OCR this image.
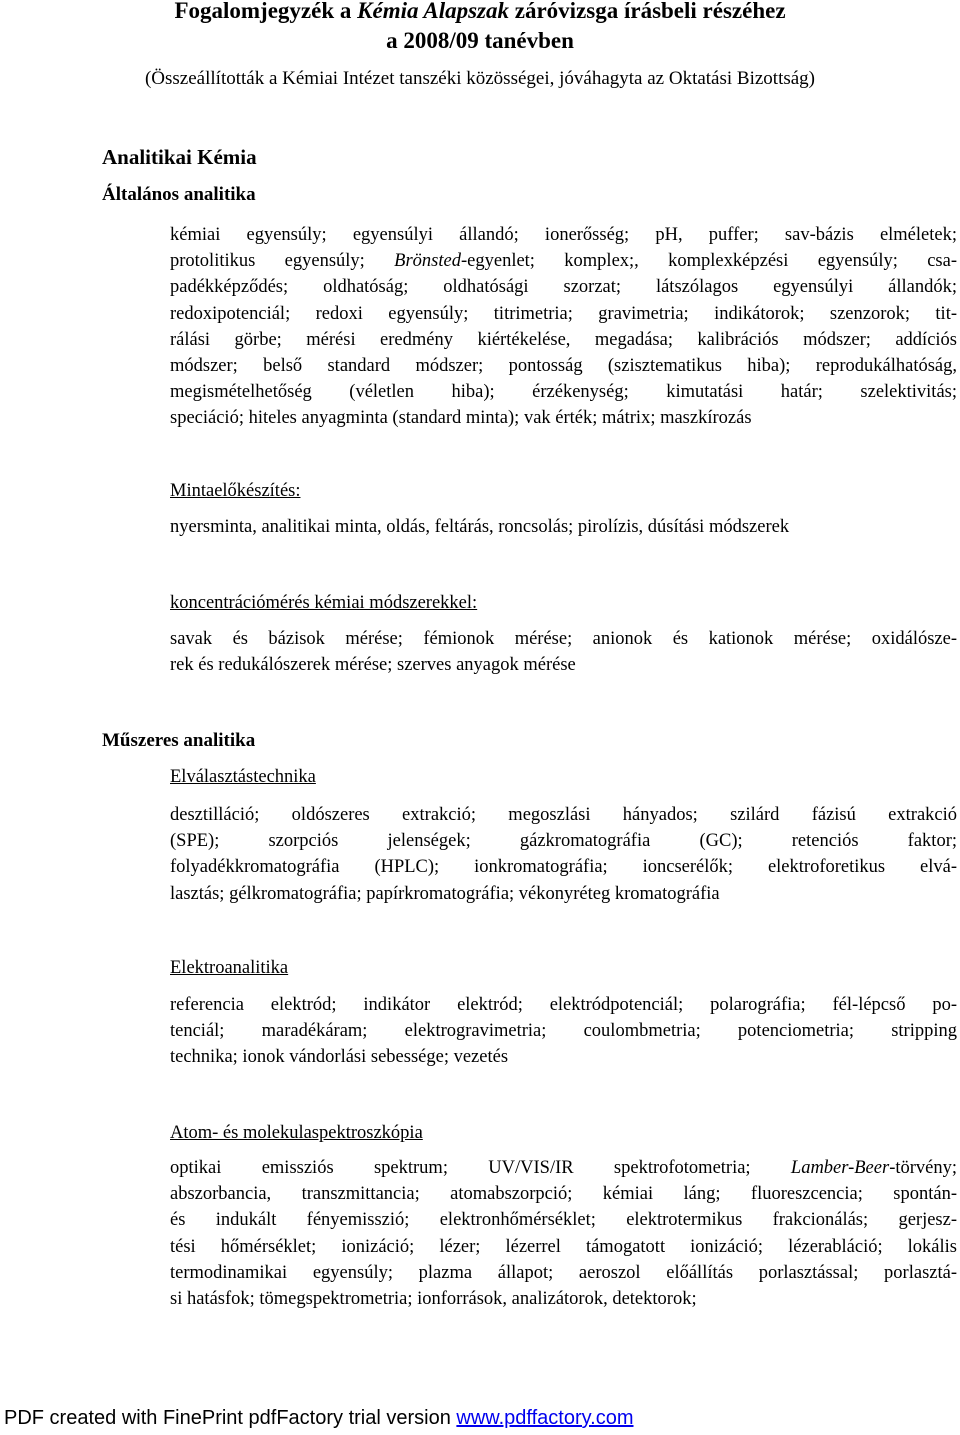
Fogalomjegyzék a Kémia Alapszak záróvizsga írásbeli részéhez
a 2008/09 tanévben
(Összeállították a Kémiai Intézet tanszéki közösségei, jóváhagyta az Oktatási Bizottság)
Analitikai Kémia
Általános analitika
kémiai egyensúly; egyensúlyi állandó; ionerősség; pH, puffer; sav-bázis elméletek;
protolitikus egyensúly; Brönsted-egyenlet; komplex;, komplexképzési egyensúly; csa-
padékképződés; oldhatóság; oldhatósági szorzat; látszólagos egyensúlyi állandók;
redoxipotenciál; redoxi egyensúly; titrimetria; gravimetria; indikátorok; szenzorok; tit-
rálási görbe; mérési eredmény kiértékelése, megadása; kalibrációs módszer; addíciós
módszer; belső standard módszer; pontosság (szisztematikus hiba); reprodukálhatóság,
megismételhetőség (véletlen hiba); érzékenység; kimutatási határ; szelektivitás;
speciáció; hiteles anyagminta (standard minta); vak érték; mátrix; maszkírozás
Mintaelőkészítés:
nyersminta, analitikai minta, oldás, feltárás, roncsolás; pirolízis, dúsítási módszerek
koncentrációmérés kémiai módszerekkel:
savak és bázisok mérése; fémionok mérése; anionok és kationok mérése; oxidálósze-
rek és redukálószerek mérése; szerves anyagok mérése
Műszeres analitika
Elválasztástechnika
desztilláció; oldószeres extrakció; megoszlási hányados; szilárd fázisú extrakció
(SPE); szorpciós jelenségek; gázkromatográfia (GC); retenciós faktor;
folyadékkromatográfia (HPLC); ionkromatográfia; ioncserélők; elektroforetikus elvá-
lasztás; gélkromatográfia; papírkromatográfia; vékonyréteg kromatográfia
Elektroanalitika
referencia elektród; indikátor elektród; elektródpotenciál; polarográfia; fél-lépcső po-
tenciál; maradékáram; elektrogravimetria; coulombmetria; potenciometria; stripping
technika; ionok vándorlási sebessége; vezetés
Atom- és molekulaspektroszkópia
optikai emissziós spektrum; UV/VIS/IR spektrofotometria; Lamber-Beer-törvény;
abszorbancia, transzmittancia; atomabszorpció; kémiai láng; fluoreszcencia; spontán-
és indukált fényemisszió; elektronhőmérséklet; elektrotermikus frakcionálás; gerjesz-
tési hőmérséklet; ionizáció; lézer; lézerrel támogatott ionizáció; lézerabláció; lokális
termodinamikai egyensúly; plazma állapot; aeroszol előállítás porlasztással; porlasztá-
si hatásfok; tömegspektrometria; ionforrások, analizátorok, detektorok;
PDF created with FinePrint pdfFactory trial version www.pdffactory.com
